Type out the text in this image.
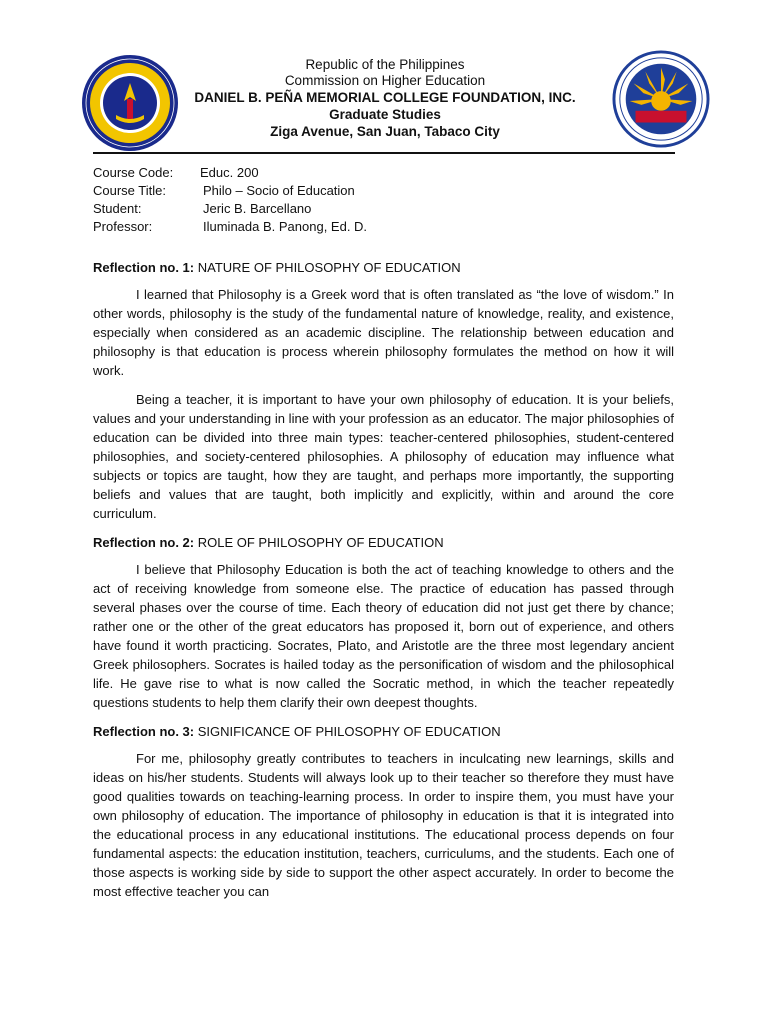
Republic of the Philippines
Commission on Higher Education
DANIEL B. PEÑA MEMORIAL COLLEGE FOUNDATION, INC.
Graduate Studies
Ziga Avenue, San Juan, Tabaco City
Course Code:	Educ. 200
Course Title:	Philo – Socio of Education
Student:	Jeric B. Barcellano
Professor:	Iluminada B. Panong, Ed. D.
Reflection no. 1: NATURE OF PHILOSOPHY OF EDUCATION

I learned that Philosophy is a Greek word that is often translated as “the love of wisdom.” In other words, philosophy is the study of the fundamental nature of knowledge, reality, and existence, especially when considered as an academic discipline. The relationship between education and philosophy is that education is process wherein philosophy formulates the method on how it will work.

Being a teacher, it is important to have your own philosophy of education. It is your beliefs, values and your understanding in line with your profession as an educator. The major philosophies of education can be divided into three main types: teacher-centered philosophies, student-centered philosophies, and society-centered philosophies. A philosophy of education may influence what subjects or topics are taught, how they are taught, and perhaps more importantly, the supporting beliefs and values that are taught, both implicitly and explicitly, within and around the core curriculum.

Reflection no. 2: ROLE OF PHILOSOPHY OF EDUCATION

I believe that Philosophy Education is both the act of teaching knowledge to others and the act of receiving knowledge from someone else. The practice of education has passed through several phases over the course of time. Each theory of education did not just get there by chance; rather one or the other of the great educators has proposed it, born out of experience, and others have found it worth practicing. Socrates, Plato, and Aristotle are the three most legendary ancient Greek philosophers. Socrates is hailed today as the personification of wisdom and the philosophical life. He gave rise to what is now called the Socratic method, in which the teacher repeatedly questions students to help them clarify their own deepest thoughts.

Reflection no. 3: SIGNIFICANCE OF PHILOSOPHY OF EDUCATION

For me, philosophy greatly contributes to teachers in inculcating new learnings, skills and ideas on his/her students. Students will always look up to their teacher so therefore they must have good qualities towards on teaching-learning process. In order to inspire them, you must have your own philosophy of education. The importance of philosophy in education is that it is integrated into the educational process in any educational institutions. The educational process depends on four fundamental aspects: the education institution, teachers, curriculums, and the students. Each one of those aspects is working side by side to support the other aspect accurately. In order to become the most effective teacher you can
